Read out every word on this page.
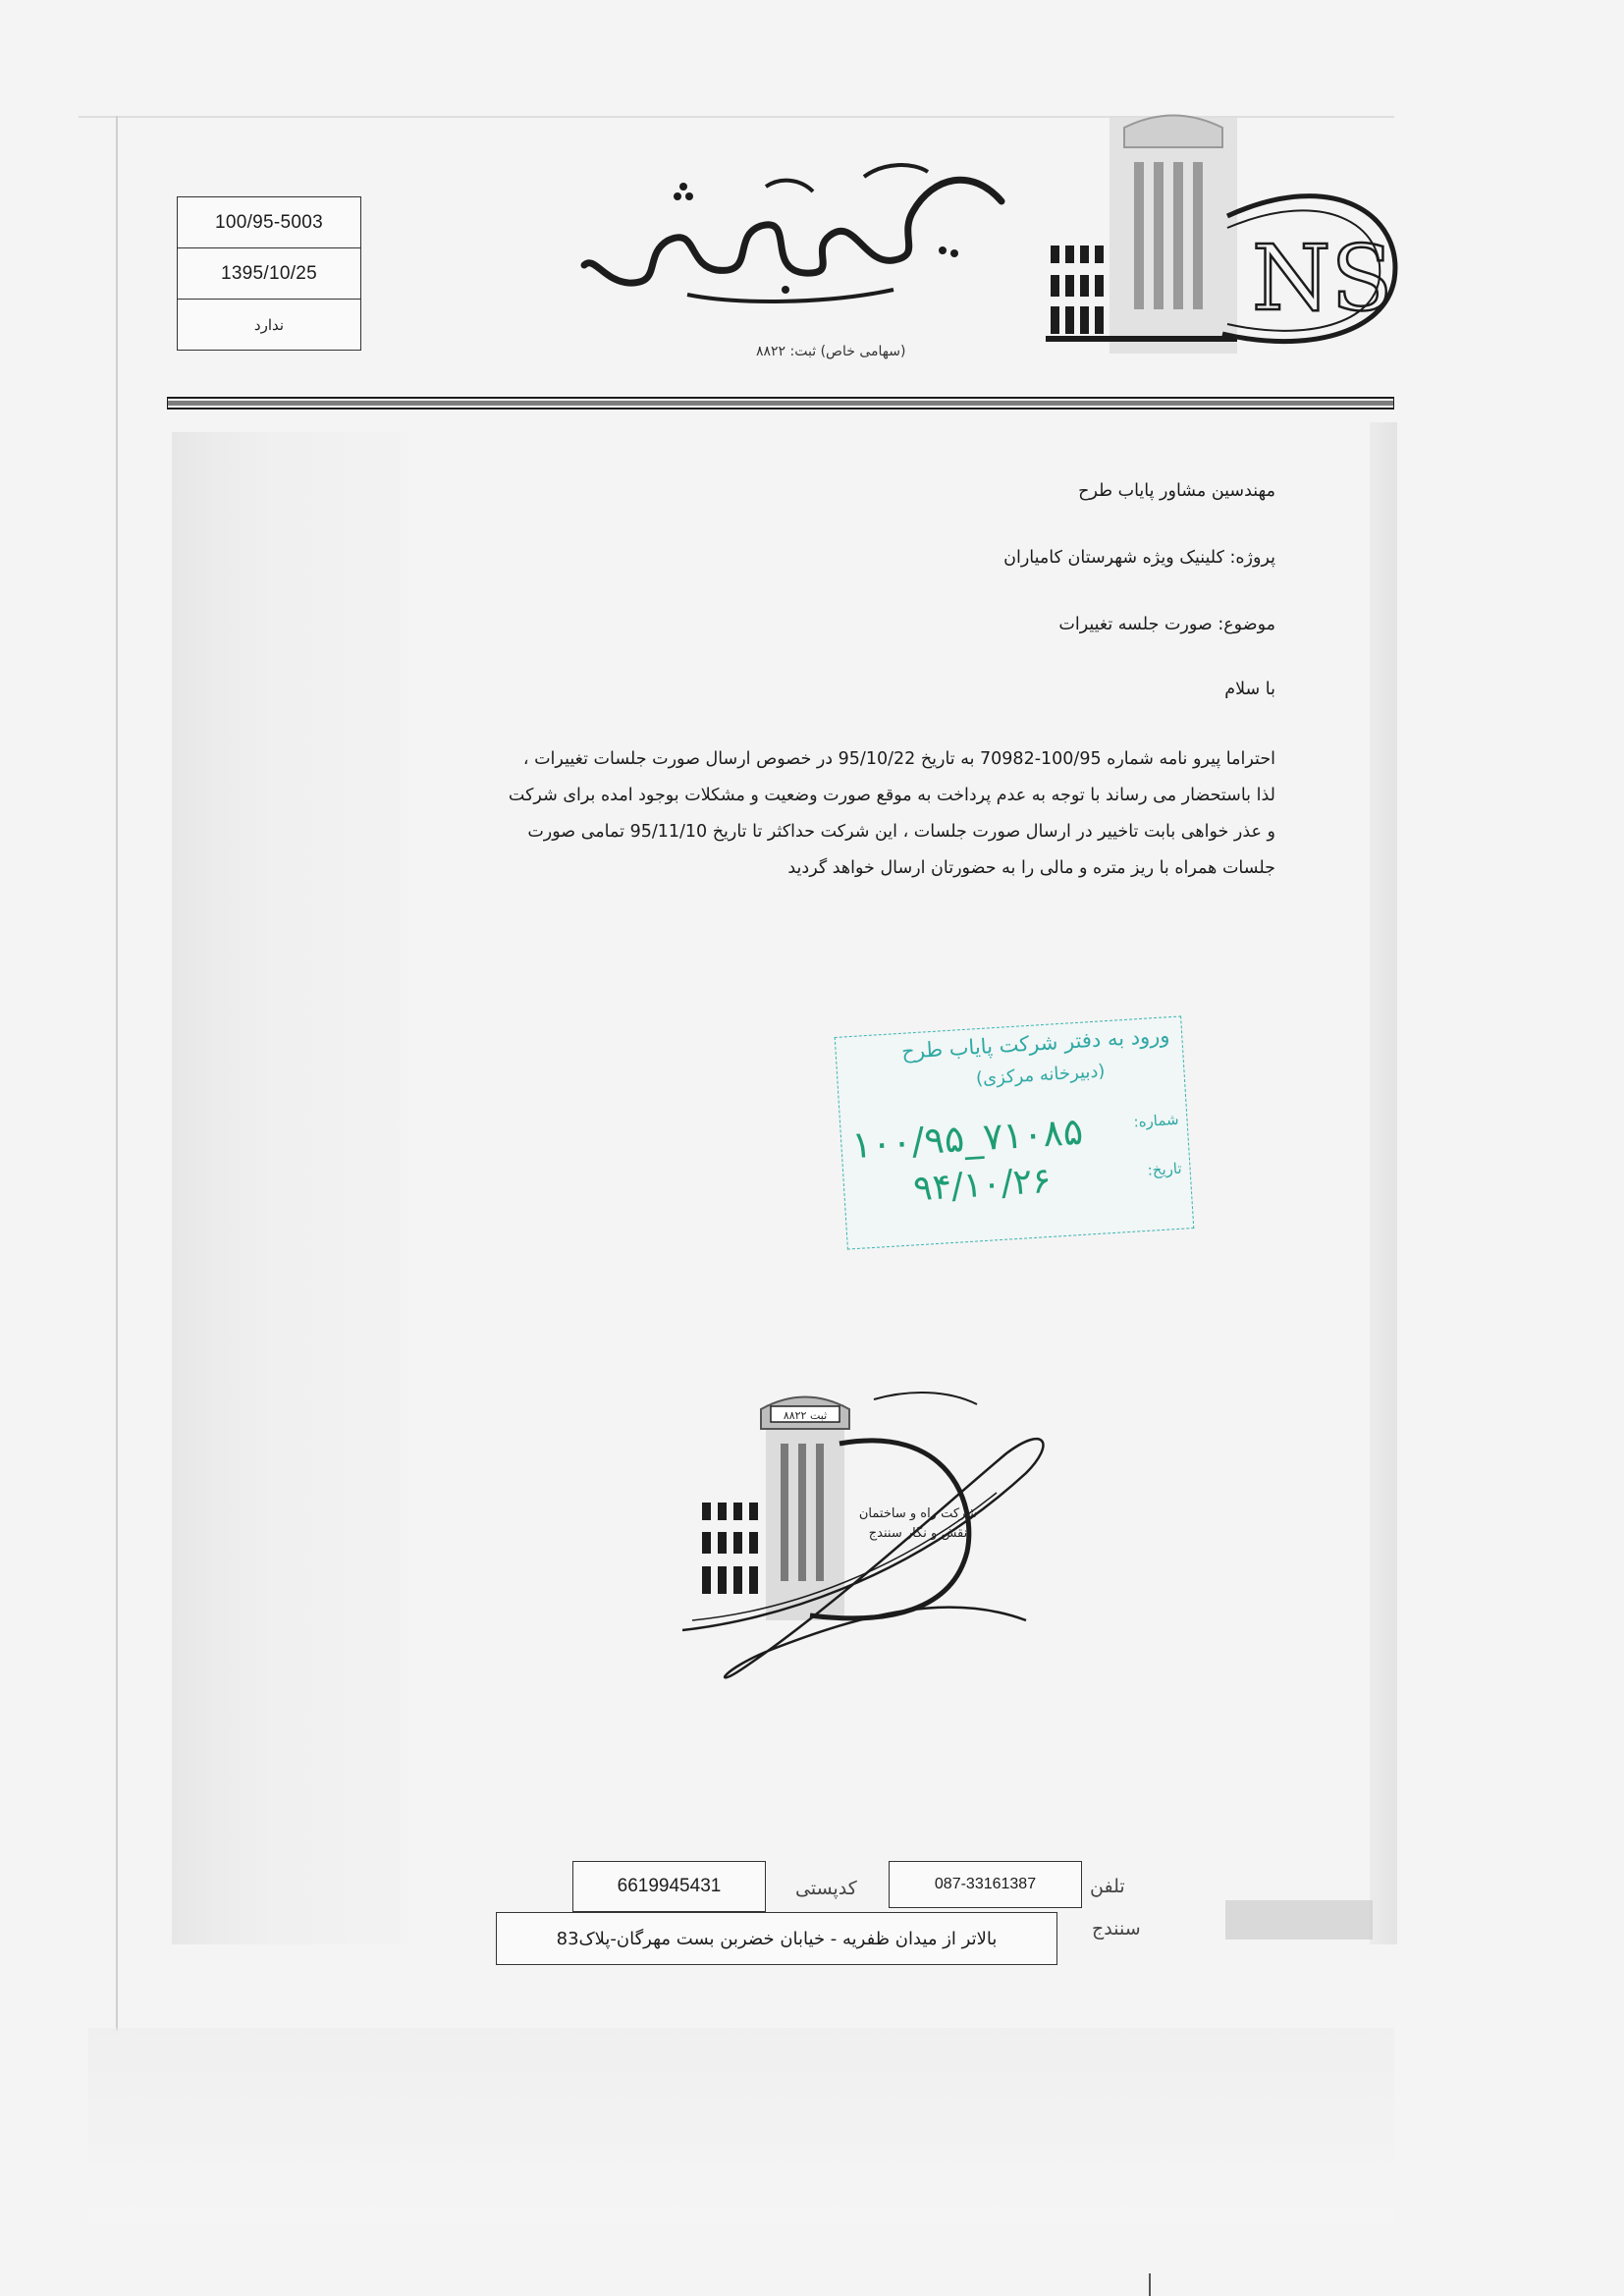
100/95-5003
1395/10/25
ندارد
(سهامی خاص) ثبت: ۸۸۲۲
NS
مهندسین مشاور پایاب طرح
پروژه: کلینیک ویژه شهرستان کامیاران
موضوع: صورت جلسه تغییرات
با سلام

احتراما پیرو نامه شماره 100/95-70982 به تاریخ 95/10/22 در خصوص ارسال صورت جلسات تغییرات ،

لذا باستحضار می رساند با توجه به عدم پرداخت به موقع صورت وضعیت و مشکلات بوجود امده برای شرکت

و عذر خواهی بابت تاخییر در ارسال صورت جلسات ، این شرکت حداکثر تا تاریخ 95/11/10 تمامی صورت

جلسات همراه با ریز متره و مالی را به حضورتان ارسال خواهد گردید

ورود به دفتر شرکت پایاب طرح
(دبیرخانه مرکزی)
شماره:
تاریخ:
۱۰۰/۹۵_۷۱۰۸۵
۹۴/۱۰/۲۶
ثبت ۸۸۲۲
شرکت راه و ساختمان
نقش و نگار سنندج
تلفن
087-33161387
کدپستی
6619945431
سنندج
بالاتر از میدان ظفریه - خیابان خضربن بست مهرگان-پلاک83
